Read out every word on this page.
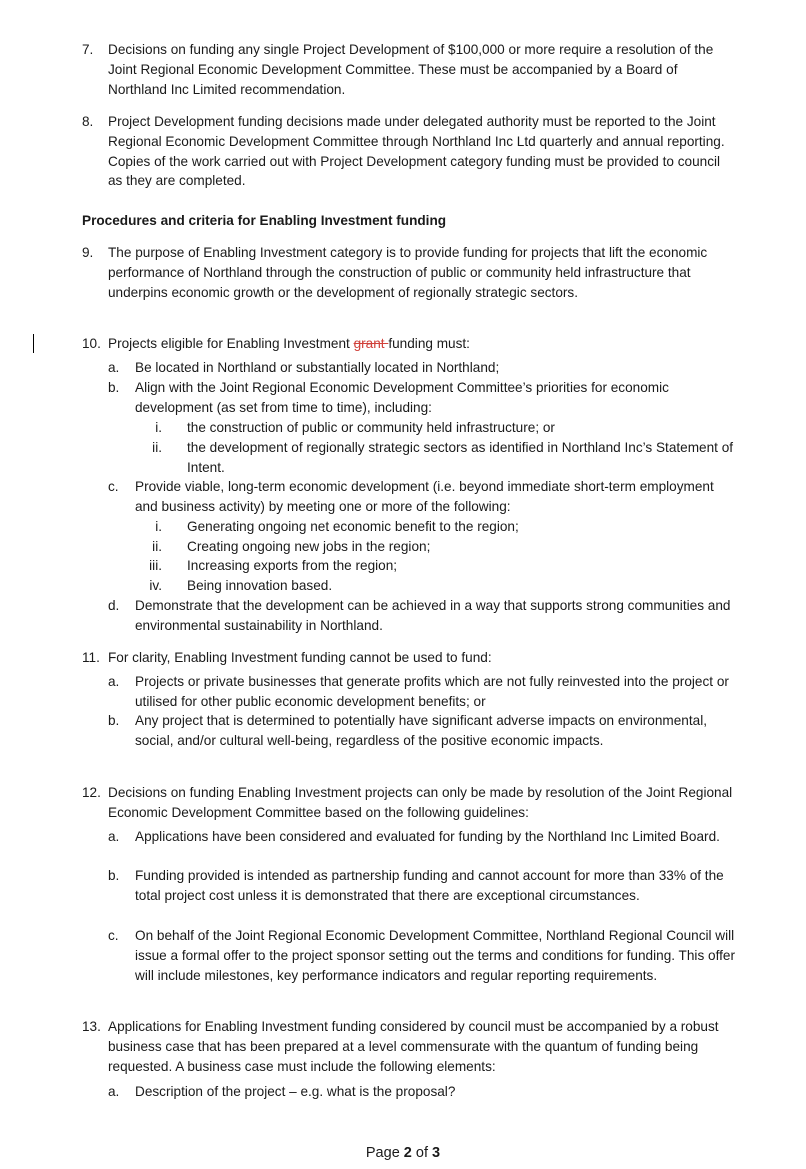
7. Decisions on funding any single Project Development of $100,000 or more require a resolution of the Joint Regional Economic Development Committee. These must be accompanied by a Board of Northland Inc Limited recommendation.
8. Project Development funding decisions made under delegated authority must be reported to the Joint Regional Economic Development Committee through Northland Inc Ltd quarterly and annual reporting. Copies of the work carried out with Project Development category funding must be provided to council as they are completed.
Procedures and criteria for Enabling Investment funding
9. The purpose of Enabling Investment category is to provide funding for projects that lift the economic performance of Northland through the construction of public or community held infrastructure that underpins economic growth or the development of regionally strategic sectors.
10. Projects eligible for Enabling Investment grant funding must:
a. Be located in Northland or substantially located in Northland;
b. Align with the Joint Regional Economic Development Committee’s priorities for economic development (as set from time to time), including:
i. the construction of public or community held infrastructure; or
ii. the development of regionally strategic sectors as identified in Northland Inc’s Statement of Intent.
c. Provide viable, long-term economic development (i.e. beyond immediate short-term employment and business activity) by meeting one or more of the following:
i. Generating ongoing net economic benefit to the region;
ii. Creating ongoing new jobs in the region;
iii. Increasing exports from the region;
iv. Being innovation based.
d. Demonstrate that the development can be achieved in a way that supports strong communities and environmental sustainability in Northland.
11. For clarity, Enabling Investment funding cannot be used to fund:
a. Projects or private businesses that generate profits which are not fully reinvested into the project or utilised for other public economic development benefits; or
b. Any project that is determined to potentially have significant adverse impacts on environmental, social, and/or cultural well-being, regardless of the positive economic impacts.
12. Decisions on funding Enabling Investment projects can only be made by resolution of the Joint Regional Economic Development Committee based on the following guidelines:
a. Applications have been considered and evaluated for funding by the Northland Inc Limited Board.
b. Funding provided is intended as partnership funding and cannot account for more than 33% of the total project cost unless it is demonstrated that there are exceptional circumstances.
c. On behalf of the Joint Regional Economic Development Committee, Northland Regional Council will issue a formal offer to the project sponsor setting out the terms and conditions for funding. This offer will include milestones, key performance indicators and regular reporting requirements.
13. Applications for Enabling Investment funding considered by council must be accompanied by a robust business case that has been prepared at a level commensurate with the quantum of funding being requested. A business case must include the following elements:
a. Description of the project – e.g. what is the proposal?
Page 2 of 3
